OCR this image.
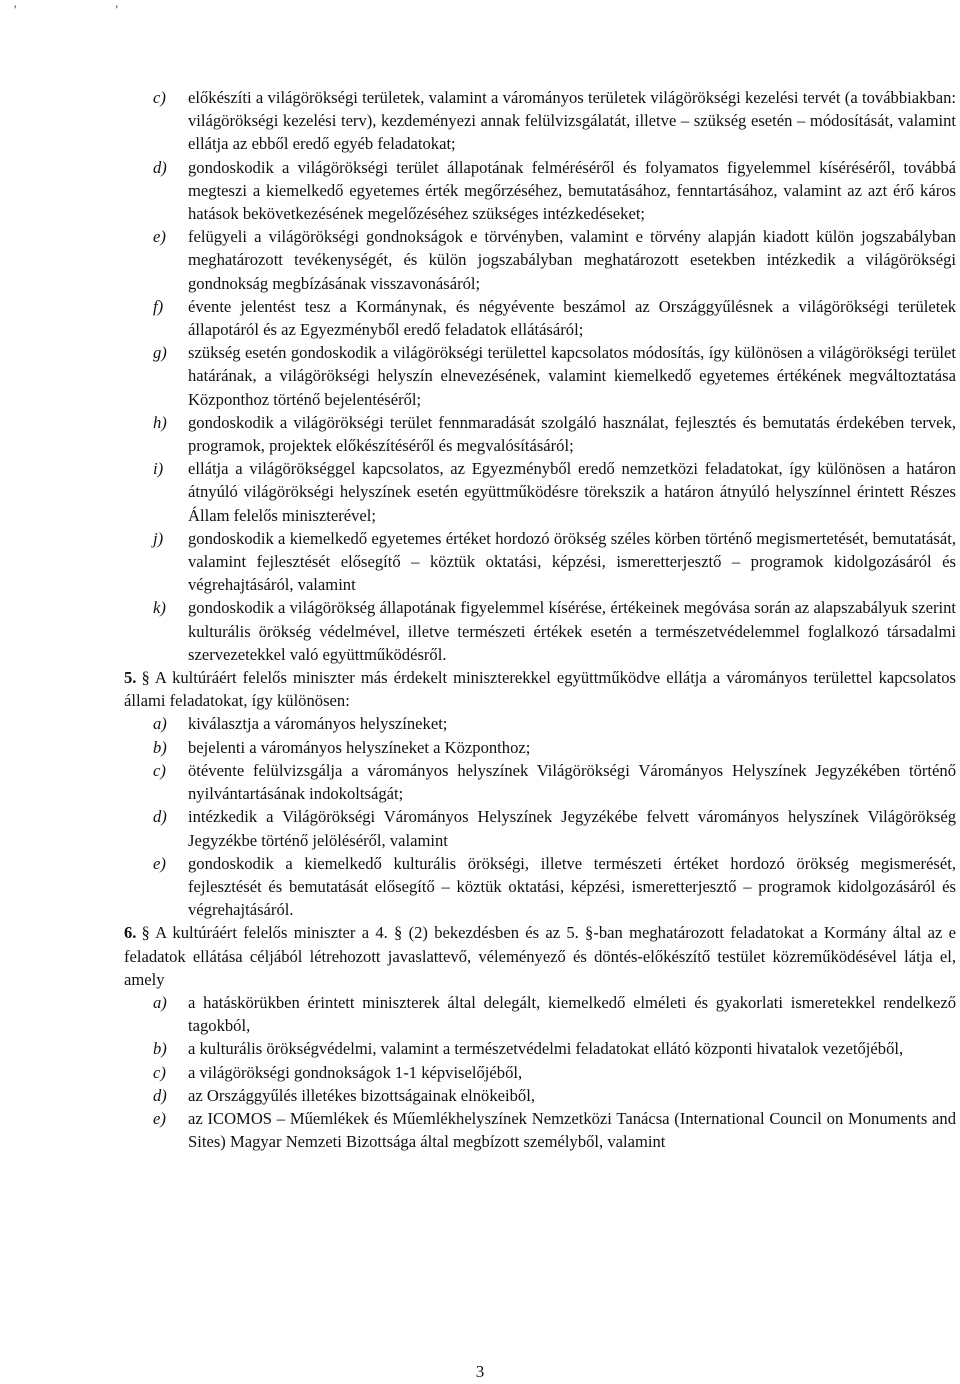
' '
c) előkészíti a világörökségi területek, valamint a várományos területek világörökségi kezelési tervét (a továbbiakban: világörökségi kezelési terv), kezdeményezi annak felülvizsgálatát, illetve – szükség esetén – módosítását, valamint ellátja az ebből eredő egyéb feladatokat;
d) gondoskodik a világörökségi terület állapotának felméréséről és folyamatos figyelemmel kíséréséről, továbbá megteszi a kiemelkedő egyetemes érték megőrzéséhez, bemutatásához, fenntartásához, valamint az azt érő káros hatások bekövetkezésének megelőzéséhez szükséges intézkedéseket;
e) felügyeli a világörökségi gondnokságok e törvényben, valamint e törvény alapján kiadott külön jogszabályban meghatározott tevékenységét, és külön jogszabályban meghatározott esetekben intézkedik a világörökségi gondnokság megbízásának visszavonásáról;
f) évente jelentést tesz a Kormánynak, és négyévente beszámol az Országgyűlésnek a világörökségi területek állapotáról és az Egyezményből eredő feladatok ellátásáról;
g) szükség esetén gondoskodik a világörökségi területtel kapcsolatos módosítás, így különösen a világörökségi terület határának, a világörökségi helyszín elnevezésének, valamint kiemelkedő egyetemes értékének megváltoztatása Központhoz történő bejelentéséről;
h) gondoskodik a világörökségi terület fennmaradását szolgáló használat, fejlesztés és bemutatás érdekében tervek, programok, projektek előkészítéséről és megvalósításáról;
i) ellátja a világörökséggel kapcsolatos, az Egyezményből eredő nemzetközi feladatokat, így különösen a határon átnyúló világörökségi helyszínek esetén együttműködésre törekszik a határon átnyúló helyszínnel érintett Részes Állam felelős miniszterével;
j) gondoskodik a kiemelkedő egyetemes értéket hordozó örökség széles körben történő megismertetését, bemutatását, valamint fejlesztését elősegítő – köztük oktatási, képzési, ismeretterjesztő – programok kidolgozásáról és végrehajtásáról, valamint
k) gondoskodik a világörökség állapotának figyelemmel kísérése, értékeinek megóvása során az alapszabályuk szerint kulturális örökség védelmével, illetve természeti értékek esetén a természetvédelemmel foglalkozó társadalmi szervezetekkel való együttműködésről.
5. § A kultúráért felelős miniszter más érdekelt miniszterekkel együttműködve ellátja a várományos területtel kapcsolatos állami feladatokat, így különösen:
a) kiválasztja a várományos helyszíneket;
b) bejelenti a várományos helyszíneket a Központhoz;
c) ötévente felülvizsgálja a várományos helyszínek Világörökségi Várományos Helyszínek Jegyzékében történő nyilvántartásának indokoltságát;
d) intézkedik a Világörökségi Várományos Helyszínek Jegyzékébe felvett várományos helyszínek Világörökség Jegyzékbe történő jelöléséről, valamint
e) gondoskodik a kiemelkedő kulturális örökségi, illetve természeti értéket hordozó örökség megismerését, fejlesztését és bemutatását elősegítő – köztük oktatási, képzési, ismeretterjesztő – programok kidolgozásáról és végrehajtásáról.
6. § A kultúráért felelős miniszter a 4. § (2) bekezdésben és az 5. §-ban meghatározott feladatokat a Kormány által az e feladatok ellátása céljából létrehozott javaslattevő, véleményező és döntés-előkészítő testület közreműködésével látja el, amely
a) a hatáskörükben érintett miniszterek által delegált, kiemelkedő elméleti és gyakorlati ismeretekkel rendelkező tagokból,
b) a kulturális örökségvédelmi, valamint a természetvédelmi feladatokat ellátó központi hivatalok vezetőjéből,
c) a világörökségi gondnokságok 1-1 képviselőjéből,
d) az Országgyűlés illetékes bizottságainak elnökeiből,
e) az ICOMOS – Műemlékek és Műemlékhelyszínek Nemzetközi Tanácsa (International Council on Monuments and Sites) Magyar Nemzeti Bizottsága által megbízott személyből, valamint
3
